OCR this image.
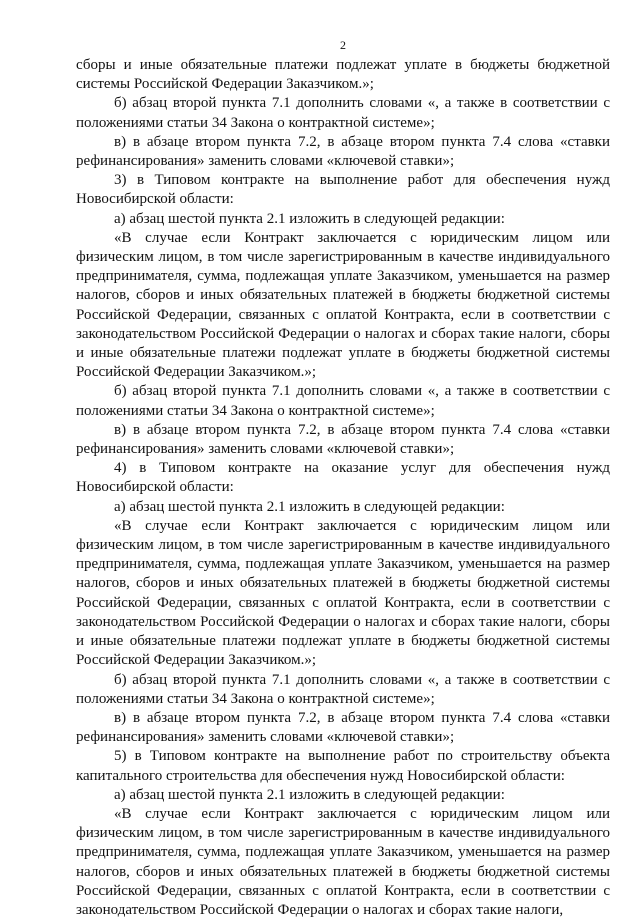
2

сборы и иные обязательные платежи подлежат уплате в бюджеты бюджетной системы Российской Федерации Заказчиком.»;

б) абзац второй пункта 7.1 дополнить словами «, а также в соответствии с положениями статьи 34 Закона о контрактной системе»;

в) в абзаце втором пункта 7.2, в абзаце втором пункта 7.4 слова «ставки рефинансирования» заменить словами «ключевой ставки»;

3) в Типовом контракте на выполнение работ для обеспечения нужд Новосибирской области:

а) абзац шестой пункта 2.1 изложить в следующей редакции:

«В случае если Контракт заключается с юридическим лицом или физическим лицом, в том числе зарегистрированным в качестве индивидуального предпринимателя, сумма, подлежащая уплате Заказчиком, уменьшается на размер налогов, сборов и иных обязательных платежей в бюджеты бюджетной системы Российской Федерации, связанных с оплатой Контракта, если в соответствии с законодательством Российской Федерации о налогах и сборах такие налоги, сборы и иные обязательные платежи подлежат уплате в бюджеты бюджетной системы Российской Федерации Заказчиком.»;

б) абзац второй пункта 7.1 дополнить словами «, а также в соответствии с положениями статьи 34 Закона о контрактной системе»;

в) в абзаце втором пункта 7.2, в абзаце втором пункта 7.4 слова «ставки рефинансирования» заменить словами «ключевой ставки»;

4) в Типовом контракте на оказание услуг для обеспечения нужд Новосибирской области:

а) абзац шестой пункта 2.1 изложить в следующей редакции:

«В случае если Контракт заключается с юридическим лицом или физическим лицом, в том числе зарегистрированным в качестве индивидуального предпринимателя, сумма, подлежащая уплате Заказчиком, уменьшается на размер налогов, сборов и иных обязательных платежей в бюджеты бюджетной системы Российской Федерации, связанных с оплатой Контракта, если в соответствии с законодательством Российской Федерации о налогах и сборах такие налоги, сборы и иные обязательные платежи подлежат уплате в бюджеты бюджетной системы Российской Федерации Заказчиком.»;

б) абзац второй пункта 7.1 дополнить словами «, а также в соответствии с положениями статьи 34 Закона о контрактной системе»;

в) в абзаце втором пункта 7.2, в абзаце втором пункта 7.4 слова «ставки рефинансирования» заменить словами «ключевой ставки»;

5) в Типовом контракте на выполнение работ по строительству объекта капитального строительства для обеспечения нужд Новосибирской области:

а) абзац шестой пункта 2.1 изложить в следующей редакции:

«В случае если Контракт заключается с юридическим лицом или физическим лицом, в том числе зарегистрированным в качестве индивидуального предпринимателя, сумма, подлежащая уплате Заказчиком, уменьшается на размер налогов, сборов и иных обязательных платежей в бюджеты бюджетной системы Российской Федерации, связанных с оплатой Контракта, если в соответствии с законодательством Российской Федерации о налогах и сборах такие налоги,
